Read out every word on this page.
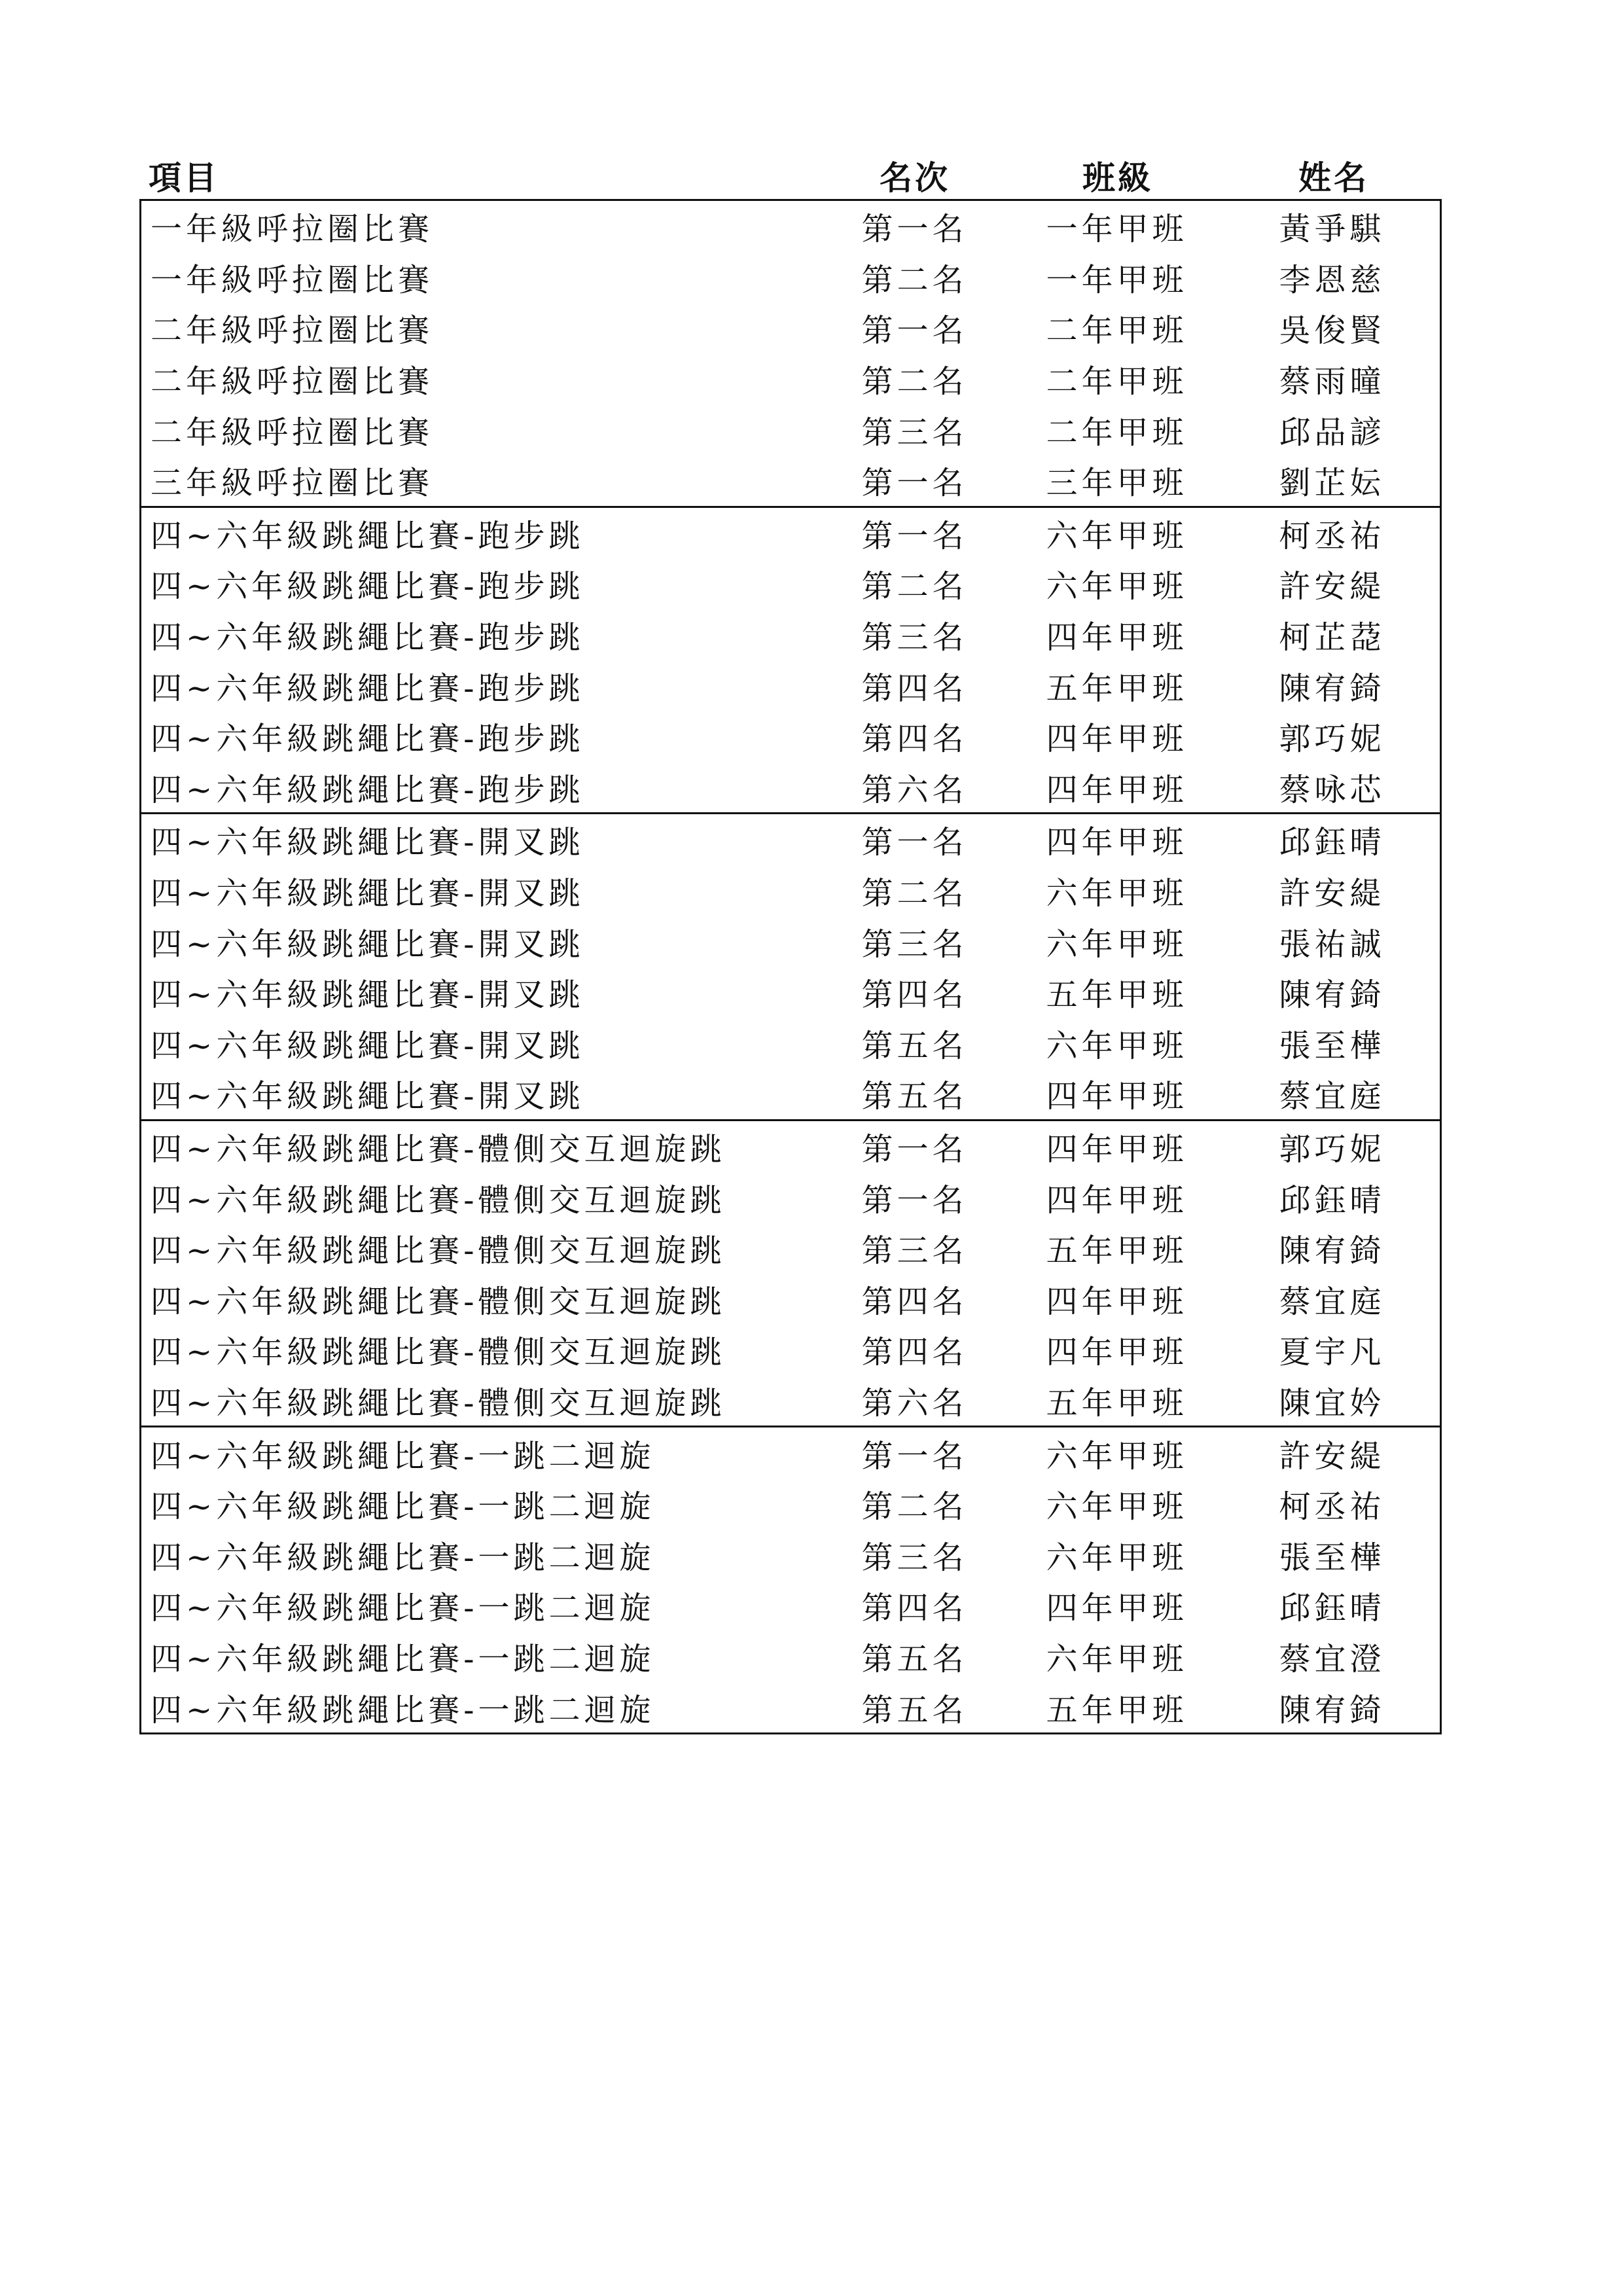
項目	名次	班級	姓名
一年級呼拉圈比賽	第一名	一年甲班	黃爭騏
一年級呼拉圈比賽	第二名	一年甲班	李恩慈
二年級呼拉圈比賽	第一名	二年甲班	吳俊賢
二年級呼拉圈比賽	第二名	二年甲班	蔡雨曈
二年級呼拉圈比賽	第三名	二年甲班	邱品諺
三年級呼拉圈比賽	第一名	三年甲班	劉芷妘
四~六年級跳繩比賽-跑步跳	第一名	六年甲班	柯丞祐
四~六年級跳繩比賽-跑步跳	第二名	六年甲班	許安緹
四~六年級跳繩比賽-跑步跳	第三名	四年甲班	柯芷莻
四~六年級跳繩比賽-跑步跳	第四名	五年甲班	陳宥錡
四~六年級跳繩比賽-跑步跳	第四名	四年甲班	郭巧妮
四~六年級跳繩比賽-跑步跳	第六名	四年甲班	蔡咏芯
四~六年級跳繩比賽-開叉跳	第一名	四年甲班	邱鈺晴
四~六年級跳繩比賽-開叉跳	第二名	六年甲班	許安緹
四~六年級跳繩比賽-開叉跳	第三名	六年甲班	張祐誠
四~六年級跳繩比賽-開叉跳	第四名	五年甲班	陳宥錡
四~六年級跳繩比賽-開叉跳	第五名	六年甲班	張至樺
四~六年級跳繩比賽-開叉跳	第五名	四年甲班	蔡宜庭
四~六年級跳繩比賽-體側交互迴旋跳	第一名	四年甲班	郭巧妮
四~六年級跳繩比賽-體側交互迴旋跳	第一名	四年甲班	邱鈺晴
四~六年級跳繩比賽-體側交互迴旋跳	第三名	五年甲班	陳宥錡
四~六年級跳繩比賽-體側交互迴旋跳	第四名	四年甲班	蔡宜庭
四~六年級跳繩比賽-體側交互迴旋跳	第四名	四年甲班	夏宇凡
四~六年級跳繩比賽-體側交互迴旋跳	第六名	五年甲班	陳宜妗
四~六年級跳繩比賽-一跳二迴旋	第一名	六年甲班	許安緹
四~六年級跳繩比賽-一跳二迴旋	第二名	六年甲班	柯丞祐
四~六年級跳繩比賽-一跳二迴旋	第三名	六年甲班	張至樺
四~六年級跳繩比賽-一跳二迴旋	第四名	四年甲班	邱鈺晴
四~六年級跳繩比賽-一跳二迴旋	第五名	六年甲班	蔡宜澄
四~六年級跳繩比賽-一跳二迴旋	第五名	五年甲班	陳宥錡
